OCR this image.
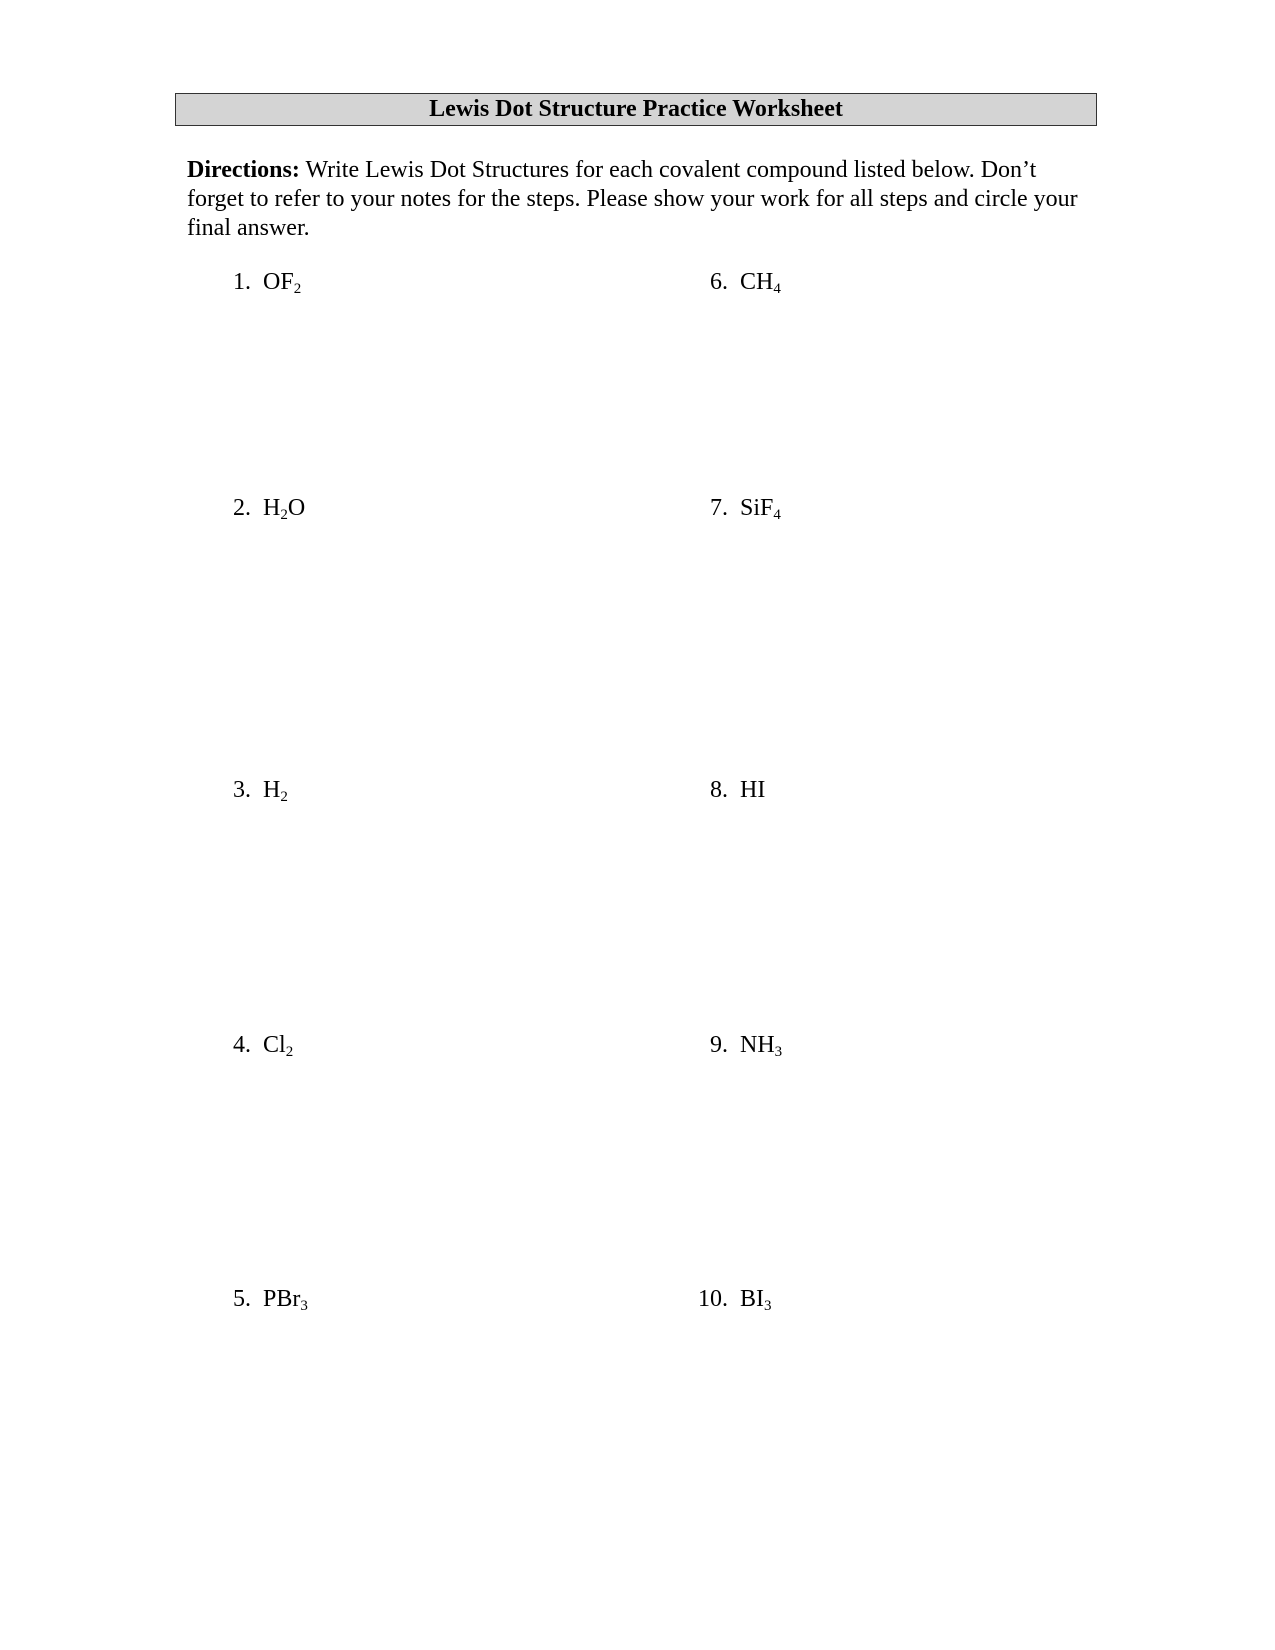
Lewis Dot Structure Practice Worksheet
Directions: Write Lewis Dot Structures for each covalent compound listed below. Don’t forget to refer to your notes for the steps. Please show your work for all steps and circle your final answer.
1. $OF_2$
2. $H_2O$
3. $H_2$
4. $Cl_2$
5. PBr$_3$
6. $CH_4$
7. SiF$_4$
8. HI
9. $NH_3$
10. $BI_3$
